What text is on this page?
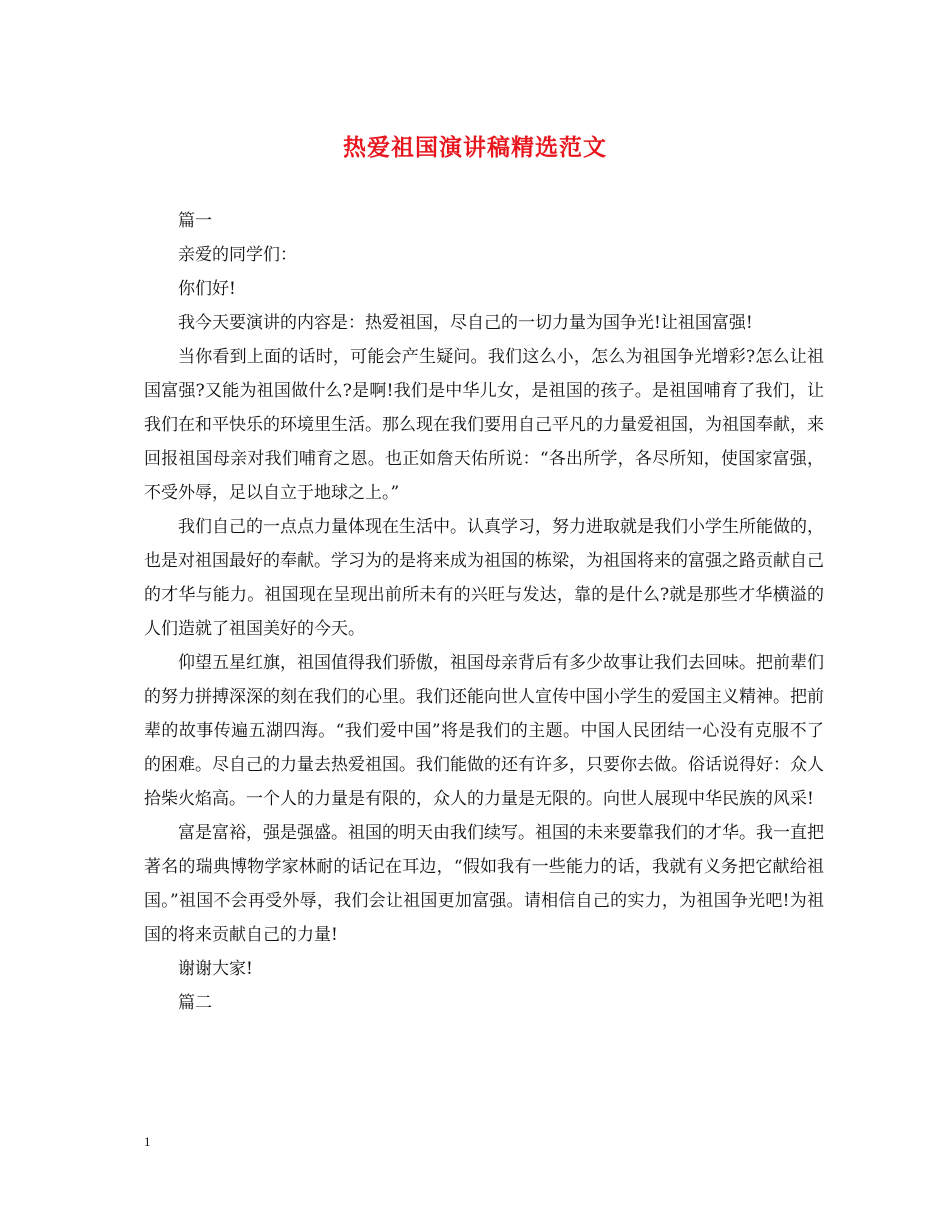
热爱祖国演讲稿精选范文

篇一

亲爱的同学们：

你们好!

我今天要演讲的内容是：热爱祖国，尽自己的一切力量为国争光!让祖国富强!

当你看到上面的话时，可能会产生疑问。我们这么小，怎么为祖国争光增彩?怎么让祖国富强?又能为祖国做什么?是啊!我们是中华儿女，是祖国的孩子。是祖国哺育了我们，让我们在和平快乐的环境里生活。那么现在我们要用自己平凡的力量爱祖国，为祖国奉献，来回报祖国母亲对我们哺育之恩。也正如詹天佑所说：“各出所学，各尽所知，使国家富强，不受外辱，足以自立于地球之上。”

我们自己的一点点力量体现在生活中。认真学习，努力进取就是我们小学生所能做的，也是对祖国最好的奉献。学习为的是将来成为祖国的栋梁，为祖国将来的富强之路贡献自己的才华与能力。祖国现在呈现出前所未有的兴旺与发达，靠的是什么?就是那些才华横溢的人们造就了祖国美好的今天。

仰望五星红旗，祖国值得我们骄傲，祖国母亲背后有多少故事让我们去回味。把前辈们的努力拼搏深深的刻在我们的心里。我们还能向世人宣传中国小学生的爱国主义精神。把前辈的故事传遍五湖四海。“我们爱中国”将是我们的主题。中国人民团结一心没有克服不了的困难。尽自己的力量去热爱祖国。我们能做的还有许多，只要你去做。俗话说得好：众人拾柴火焰高。一个人的力量是有限的，众人的力量是无限的。向世人展现中华民族的风采!

富是富裕，强是强盛。祖国的明天由我们续写。祖国的未来要靠我们的才华。我一直把著名的瑞典博物学家林耐的话记在耳边，“假如我有一些能力的话，我就有义务把它献给祖国。”祖国不会再受外辱，我们会让祖国更加富强。请相信自己的实力，为祖国争光吧!为祖国的将来贡献自己的力量!

谢谢大家!

篇二

1
